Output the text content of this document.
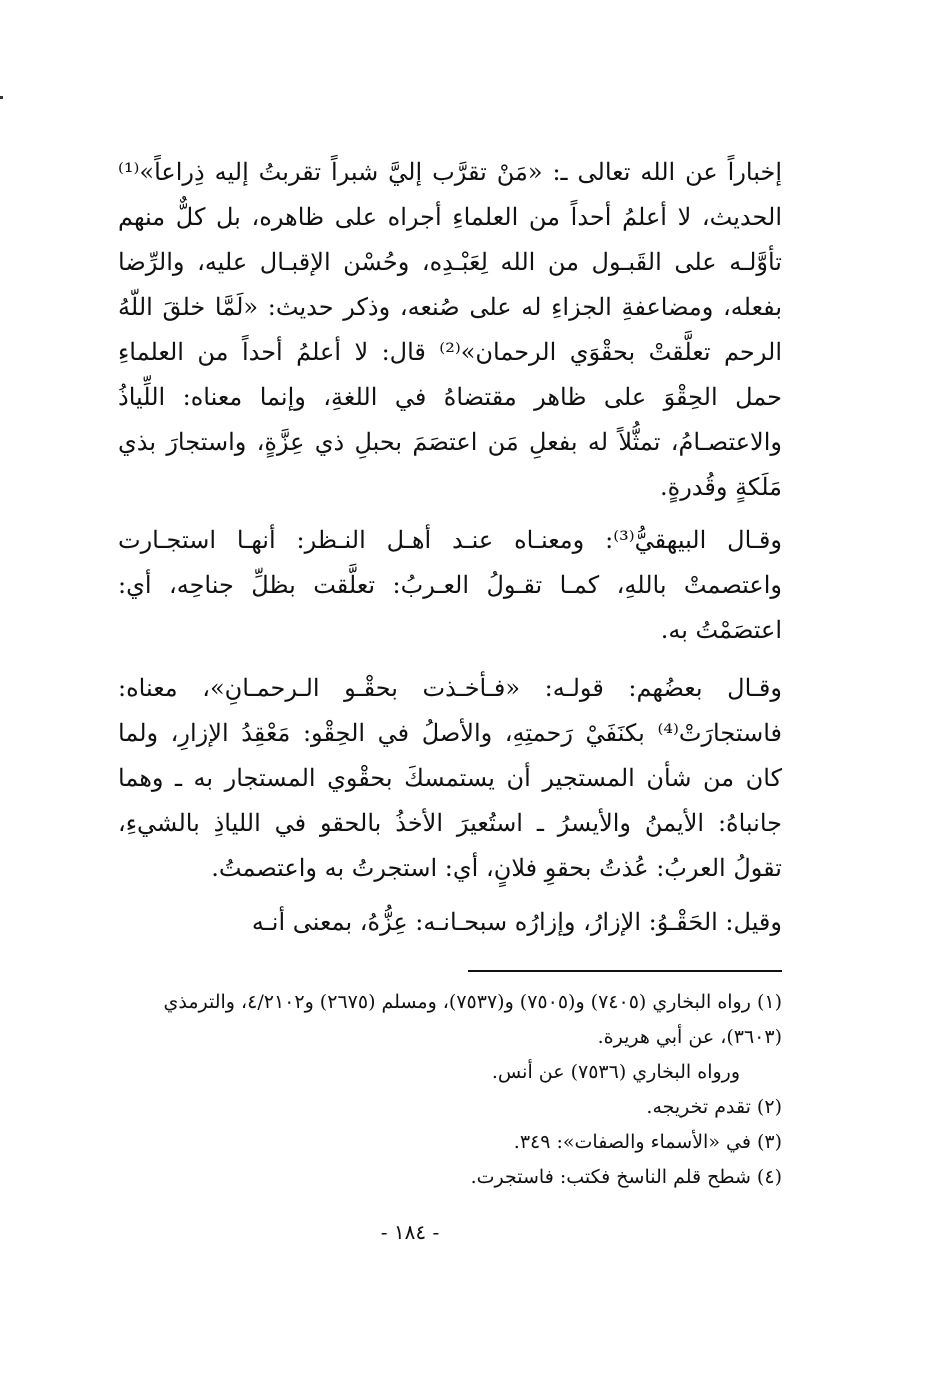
إخباراً عن الله تعالى ـ: «مَنْ تقرَّب إليَّ شبراً تقربتُ إليه ذِراعاً»⁽¹⁾ الحديث، لا أعلمُ أحداً من العلماءِ أجراه على ظاهره، بل كلٌّ منهم تأوَّلـه على القَبـول من الله لِعَبْـدِه، وحُسْن الإقبـال عليه، والرِّضا بفعله، ومضاعفةِ الجزاءِ له على صُنعه، وذكر حديث: «لَمَّا خلقَ اللّهُ الرحم تعلَّقتْ بحقْوَي الرحمان»⁽²⁾ قال: لا أعلمُ أحداً من العلماءِ حمل الحِقْوَ على ظاهر مقتضاهُ في اللغةِ، وإنما معناه: اللِّياذُ والاعتصـامُ، تمثُّلاً له بفعلِ مَن اعتصَمَ بحبلِ ذي عِزَّةٍ، واستجارَ بذي مَلَكةٍ وقُدرةٍ.

وقـال البيهقيُّ⁽³⁾: ومعنـاه عنـد أهـل النـظر: أنهـا استجـارت واعتصمتْ باللهِ، كمـا تقـولُ العـربُ: تعلَّقت بظلِّ جناحِه، أي: اعتصَمْتُ به.

وقـال بعضُهم: قولـه: «فـأخـذت بحقْـو الـرحمـانِ»، معناه: فاستجارَتْ⁽⁴⁾ بكنَفَيْ رَحمتِهِ، والأصلُ في الحِقْو: مَعْقِدُ الإزارِ، ولما كان من شأن المستجير أن يستمسكَ بحقْوي المستجار به ـ وهما جانباهُ: الأيمنُ والأيسرُ ـ استُعيرَ الأخذُ بالحقو في اللياذِ بالشيءِ، تقولُ العربُ: عُذتُ بحقوِ فلانٍ، أي: استجرتُ به واعتصمتُ.

وقيل: الحَقْـوُ: الإزارُ، وإزارُه سبحـانـه: عِزُّهُ، بمعنى أنـه

(١) رواه البخاري (٧٤٠٥) و(٧٥٠٥) و(٧٥٣٧)، ومسلم (٢٦٧٥) و٤/٢١٠٢، والترمذي (٣٦٠٣)، عن أبي هريرة.

ورواه البخاري (٧٥٣٦) عن أنس.

(٢) تقدم تخريجه.

(٣) في «الأسماء والصفات»: ٣٤٩.

(٤) شطح قلم الناسخ فكتب: فاستجرت.

- ١٨٤ -
